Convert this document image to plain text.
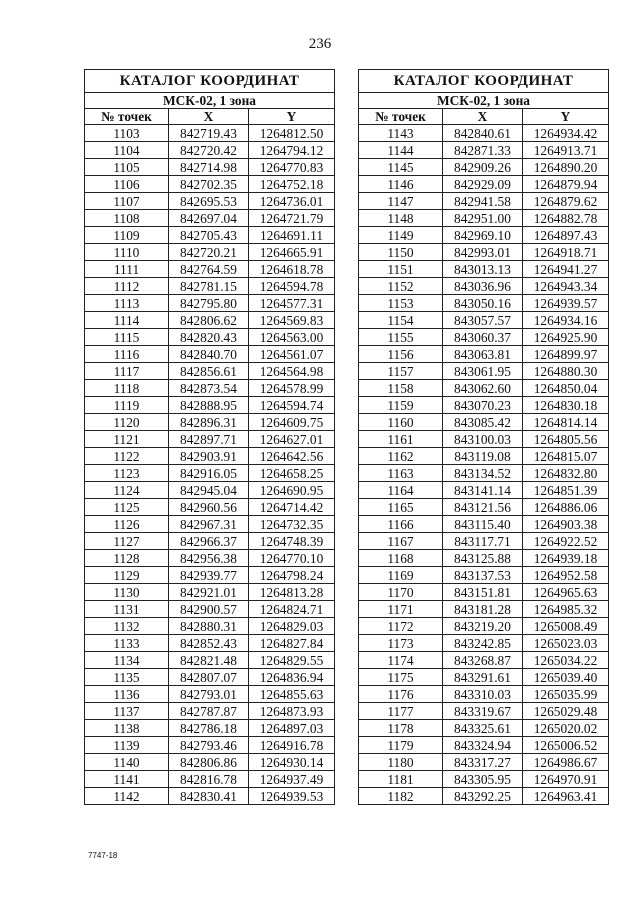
236
КАТАЛОГ КООРДИНАТ		
МСК-02, 1 зона		
№ точек	X	Y
1103	842719.43	1264812.50
1104	842720.42	1264794.12
1105	842714.98	1264770.83
1106	842702.35	1264752.18
1107	842695.53	1264736.01
1108	842697.04	1264721.79
1109	842705.43	1264691.11
1110	842720.21	1264665.91
1111	842764.59	1264618.78
1112	842781.15	1264594.78
1113	842795.80	1264577.31
1114	842806.62	1264569.83
1115	842820.43	1264563.00
1116	842840.70	1264561.07
1117	842856.61	1264564.98
1118	842873.54	1264578.99
1119	842888.95	1264594.74
1120	842896.31	1264609.75
1121	842897.71	1264627.01
1122	842903.91	1264642.56
1123	842916.05	1264658.25
1124	842945.04	1264690.95
1125	842960.56	1264714.42
1126	842967.31	1264732.35
1127	842966.37	1264748.39
1128	842956.38	1264770.10
1129	842939.77	1264798.24
1130	842921.01	1264813.28
1131	842900.57	1264824.71
1132	842880.31	1264829.03
1133	842852.43	1264827.84
1134	842821.48	1264829.55
1135	842807.07	1264836.94
1136	842793.01	1264855.63
1137	842787.87	1264873.93
1138	842786.18	1264897.03
1139	842793.46	1264916.78
1140	842806.86	1264930.14
1141	842816.78	1264937.49
1142	842830.41	1264939.53
КАТАЛОГ КООРДИНАТ		
МСК-02, 1 зона		
№ точек	X	Y
1143	842840.61	1264934.42
1144	842871.33	1264913.71
1145	842909.26	1264890.20
1146	842929.09	1264879.94
1147	842941.58	1264879.62
1148	842951.00	1264882.78
1149	842969.10	1264897.43
1150	842993.01	1264918.71
1151	843013.13	1264941.27
1152	843036.96	1264943.34
1153	843050.16	1264939.57
1154	843057.57	1264934.16
1155	843060.37	1264925.90
1156	843063.81	1264899.97
1157	843061.95	1264880.30
1158	843062.60	1264850.04
1159	843070.23	1264830.18
1160	843085.42	1264814.14
1161	843100.03	1264805.56
1162	843119.08	1264815.07
1163	843134.52	1264832.80
1164	843141.14	1264851.39
1165	843121.56	1264886.06
1166	843115.40	1264903.38
1167	843117.71	1264922.52
1168	843125.88	1264939.18
1169	843137.53	1264952.58
1170	843151.81	1264965.63
1171	843181.28	1264985.32
1172	843219.20	1265008.49
1173	843242.85	1265023.03
1174	843268.87	1265034.22
1175	843291.61	1265039.40
1176	843310.03	1265035.99
1177	843319.67	1265029.48
1178	843325.61	1265020.02
1179	843324.94	1265006.52
1180	843317.27	1264986.67
1181	843305.95	1264970.91
1182	843292.25	1264963.41
7747-18
